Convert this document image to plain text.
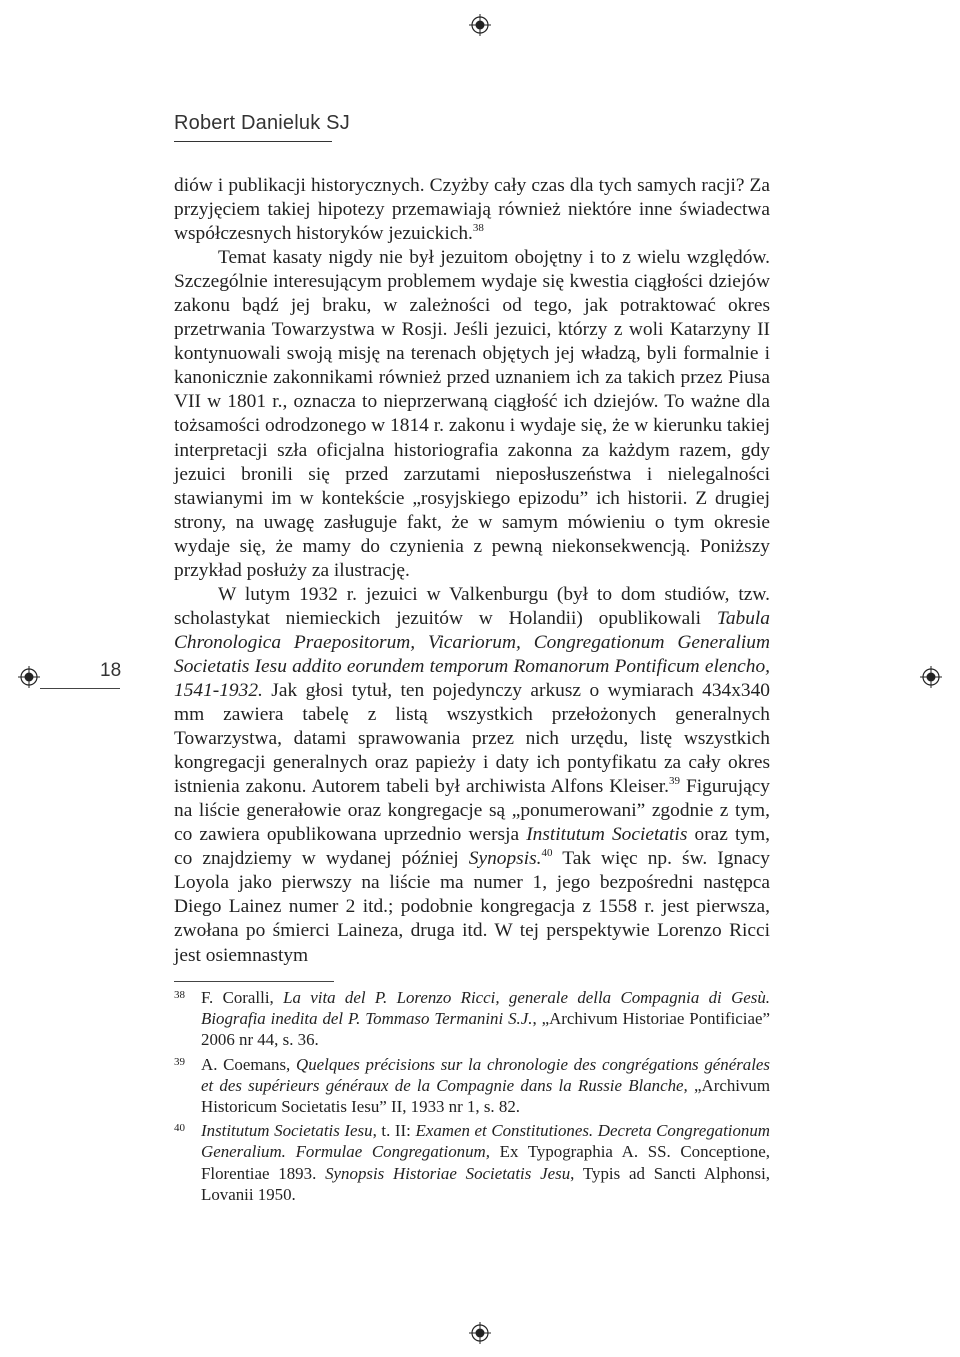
Robert Danieluk SJ
18

diów i publikacji historycznych. Czyżby cały czas dla tych samych racji? Za przyjęciem takiej hipotezy przemawiają również niektóre inne świadectwa współczesnych historyków jezuickich.$^{38}$

Temat kasaty nigdy nie był jezuitom obojętny i to z wielu względów. Szczególnie interesującym problemem wydaje się kwestia ciągłości dziejów zakonu bądź jej braku, w zależności od tego, jak potraktować okres przetrwania Towarzystwa w Rosji. Jeśli jezuici, którzy z woli Katarzyny II kontynuowali swoją misję na terenach objętych jej władzą, byli formalnie i kanonicznie zakonnikami również przed uznaniem ich za takich przez Piusa VII w 1801 r., oznacza to nieprzerwaną ciągłość ich dziejów. To ważne dla tożsamości odrodzonego w 1814 r. zakonu i wydaje się, że w kierunku takiej interpretacji szła oficjalna historiografia zakonna za każdym razem, gdy jezuici bronili się przed zarzutami nieposłuszeństwa i nielegalności stawianymi im w kontekście „rosyjskiego epizodu” ich historii. Z drugiej strony, na uwagę zasługuje fakt, że w samym mówieniu o tym okresie wydaje się, że mamy do czynienia z pewną niekonsekwencją. Poniższy przykład posłuży za ilustrację.

W lutym 1932 r. jezuici w Valkenburgu (był to dom studiów, tzw. scholastykat niemieckich jezuitów w Holandii) opublikowali Tabula Chronologica Praepositorum, Vicariorum, Congregationum Generalium Societatis Iesu addito eorundem temporum Romanorum Pontificum elencho, 1541-1932. Jak głosi tytuł, ten pojedynczy arkusz o wymiarach 434x340 mm zawiera tabelę z listą wszystkich przełożonych generalnych Towarzystwa, datami sprawowania przez nich urzędu, listę wszystkich kongregacji generalnych oraz papieży i daty ich pontyfikatu za cały okres istnienia zakonu. Autorem tabeli był archiwista Alfons Kleiser.$^{39}$ Figurujący na liście generałowie oraz kongregacje są „ponumerowani” zgodnie z tym, co zawiera opublikowana uprzednio wersja Institutum Societatis oraz tym, co znajdziemy w wydanej później Synopsis.$^{40}$ Tak więc np. św. Ignacy Loyola jako pierwszy na liście ma numer 1, jego bezpośredni następca Diego Lainez numer 2 itd.; podobnie kongregacja z 1558 r. jest pierwsza, zwołana po śmierci Laineza, druga itd. W tej perspektywie Lorenzo Ricci jest osiemnastym

38 F. Coralli, La vita del P. Lorenzo Ricci, generale della Compagnia di Gesù. Biografia inedita del P. Tommaso Termanini S.J., „Archivum Historiae Pontificiae” 2006 nr 44, s. 36.
39 A. Coemans, Quelques précisions sur la chronologie des congrégations générales et des supérieurs généraux de la Compagnie dans la Russie Blanche, „Archivum Historicum Societatis Iesu” II, 1933 nr 1, s. 82.
40 Institutum Societatis Iesu, t. II: Examen et Constitutiones. Decreta Congregationum Generalium. Formulae Congregationum, Ex Typographia A. SS. Conceptione, Florentiae 1893. Synopsis Historiae Societatis Jesu, Typis ad Sancti Alphonsi, Lovanii 1950.
